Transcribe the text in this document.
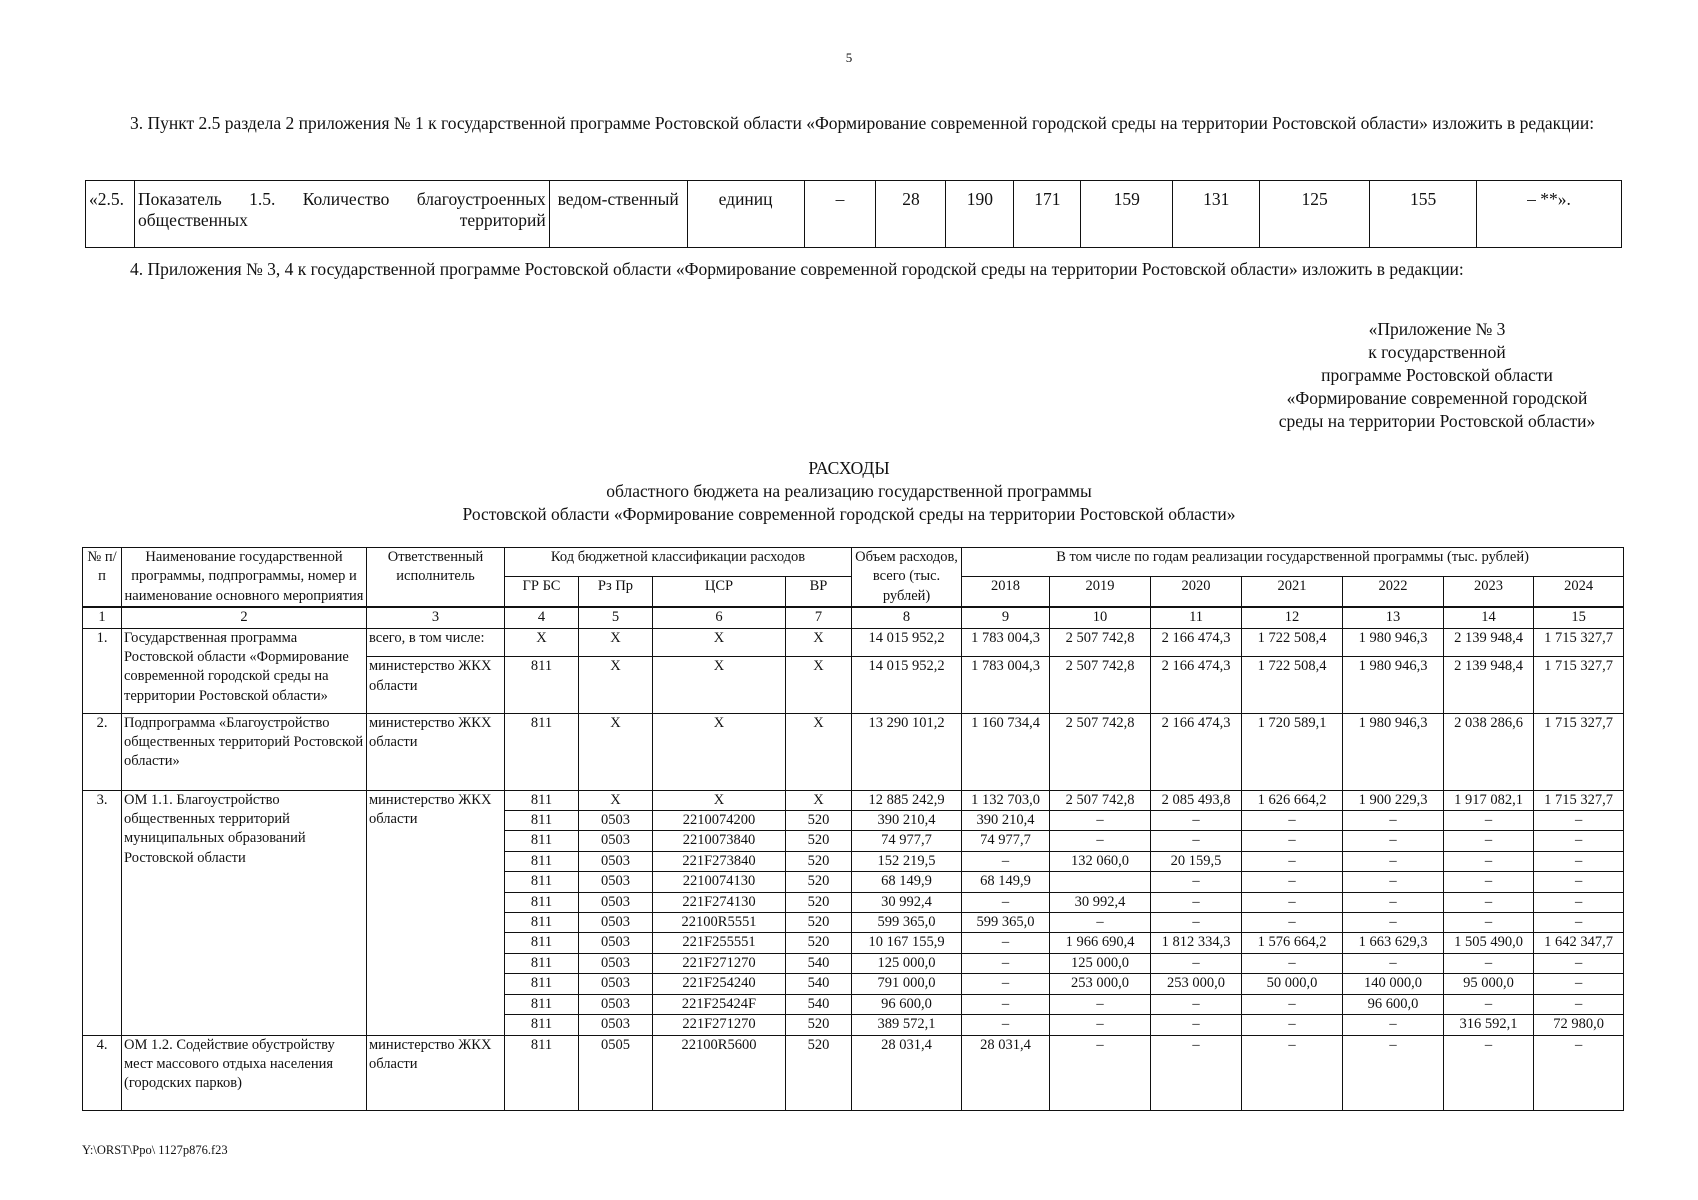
5
3. Пункт 2.5 раздела 2 приложения № 1 к государственной программе Ростовской области «Формирование современной городской среды на территории Ростовской области» изложить в редакции:
«2.5.	Показатель 1.5. Количество благоустроенных общественных территорий	ведом-ственный	единиц	–	28	190	171	159	131	125	155	– **».
4. Приложения № 3, 4 к государственной программе Ростовской области «Формирование современной городской среды на территории Ростовской области» изложить в редакции:
«Приложение № 3
к государственной
программе Ростовской области
«Формирование современной городской
среды на территории Ростовской области»
РАСХОДЫ
областного бюджета на реализацию государственной программы
Ростовской области «Формирование современной городской среды на территории Ростовской области»
№ п/п	Наименование государственной программы, подпрограммы, номер и наименование основного мероприятия	Ответственный исполнитель	Код бюджетной классификации расходов				Объем расходов, всего (тыс. рублей)	В том числе по годам реализации государственной программы (тыс. рублей)						
			ГР БС	Рз Пр	ЦСР	ВР		2018	2019	2020	2021	2022	2023	2024
1	2	3	4	5	6	7	8	9	10	11	12	13	14	15
1.	Государственная программа Ростовской области «Формирование современной городской среды на территории Ростовской области»	всего, в том числе:	Х	Х	Х	Х	14 015 952,2	1 783 004,3	2 507 742,8	2 166 474,3	1 722 508,4	1 980 946,3	2 139 948,4	1 715 327,7
		министерство ЖКХ области	811	Х	Х	Х	14 015 952,2	1 783 004,3	2 507 742,8	2 166 474,3	1 722 508,4	1 980 946,3	2 139 948,4	1 715 327,7
2.	Подпрограмма «Благоустройство общественных территорий Ростовской области»	министерство ЖКХ области	811	Х	Х	Х	13 290 101,2	1 160 734,4	2 507 742,8	2 166 474,3	1 720 589,1	1 980 946,3	2 038 286,6	1 715 327,7
3.	ОМ 1.1. Благоустройство общественных территорий муниципальных образований Ростовской области	министерство ЖКХ области	811	Х	Х	Х	12 885 242,9	1 132 703,0	2 507 742,8	2 085 493,8	1 626 664,2	1 900 229,3	1 917 082,1	1 715 327,7
			811	0503	2210074200	520	390 210,4	390 210,4	–	–	–	–	–	–
			811	0503	2210073840	520	74 977,7	74 977,7	–	–	–	–	–	–
			811	0503	221F273840	520	152 219,5	–	132 060,0	20 159,5	–	–	–	–
			811	0503	2210074130	520	68 149,9	68 149,9		–	–	–	–	–
			811	0503	221F274130	520	30 992,4	–	30 992,4	–	–	–	–	–
			811	0503	22100R5551	520	599 365,0	599 365,0	–	–	–	–	–	–
			811	0503	221F255551	520	10 167 155,9	–	1 966 690,4	1 812 334,3	1 576 664,2	1 663 629,3	1 505 490,0	1 642 347,7
			811	0503	221F271270	540	125 000,0	–	125 000,0	–	–	–	–	–
			811	0503	221F254240	540	791 000,0	–	253 000,0	253 000,0	50 000,0	140 000,0	95 000,0	–
			811	0503	221F25424F	540	96 600,0	–	–	–	–	96 600,0	–	–
			811	0503	221F271270	520	389 572,1	–	–	–	–	–	316 592,1	72 980,0
4.	ОМ 1.2. Содействие обустройству мест массового отдыха населения (городских парков)	министерство ЖКХ области	811	0505	22100R5600	520	28 031,4	28 031,4	–	–	–	–	–	–
Y:\ORST\Ppo\ 1127p876.f23
